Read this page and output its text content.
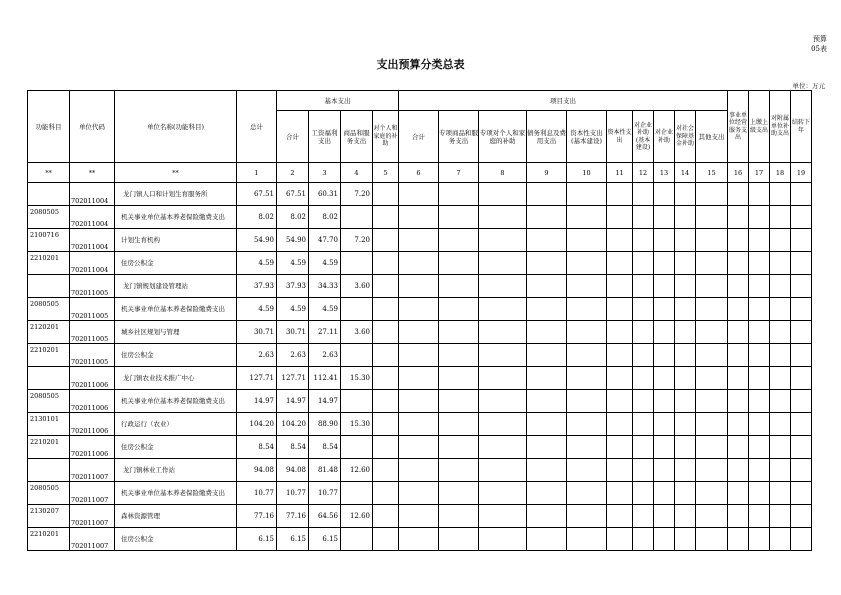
预算
05表
支出预算分类总表
单位：万元
功能科目	单位代码	单位名称(功能科目)	总计	基本支出				项目支出										事业单位经营服务支出	上缴上级支出	对附属单位补助支出	结转下年
				合计	工资福利支出	商品和服务支出	对个人和家庭的补助	合计	专项商品和服务支出	专项对个人和家庭的补助	债务利息及费用支出	资本性支出(基本建设)	资本性支出	对企业补助(基本建设)	对企业补助	对社会保障基金补助	其他支出				
**	**	**	1	2	3	4	5	6	7	8	9	10	11	12	13	14	15	16	17	18	19
	702011004	龙门镇人口和计划生育服务所	67.51	67.51	60.31	7.20															
2080505	702011004	机关事业单位基本养老保险缴费支出	8.02	8.02	8.02																
2100716	702011004	计划生育机构	54.90	54.90	47.70	7.20															
2210201	702011004	住房公积金	4.59	4.59	4.59																
	702011005	龙门镇规划建设管理站	37.93	37.93	34.33	3.60															
2080505	702011005	机关事业单位基本养老保险缴费支出	4.59	4.59	4.59																
2120201	702011005	城乡社区规划与管理	30.71	30.71	27.11	3.60															
2210201	702011005	住房公积金	2.63	2.63	2.63																
	702011006	龙门镇农业技术推广中心	127.71	127.71	112.41	15.30															
2080505	702011006	机关事业单位基本养老保险缴费支出	14.97	14.97	14.97																
2130101	702011006	行政运行（农业）	104.20	104.20	88.90	15.30															
2210201	702011006	住房公积金	8.54	8.54	8.54																
	702011007	龙门镇林业工作站	94.08	94.08	81.48	12.60															
2080505	702011007	机关事业单位基本养老保险缴费支出	10.77	10.77	10.77																
2130207	702011007	森林资源管理	77.16	77.16	64.56	12.60															
2210201	702011007	住房公积金	6.15	6.15	6.15																
